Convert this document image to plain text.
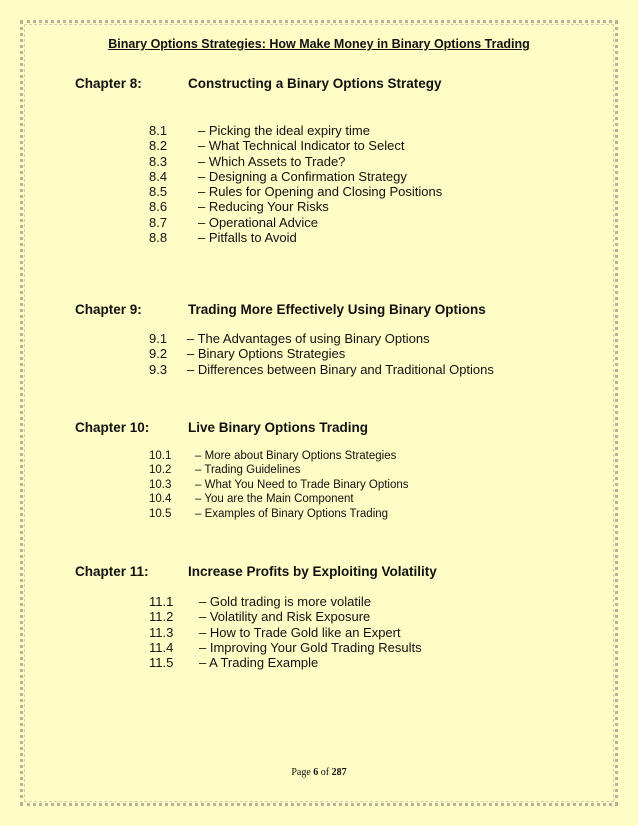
Binary Options Strategies: How Make Money in Binary Options Trading
Chapter 8:	Constructing a Binary Options Strategy
8.1 – Picking the ideal expiry time
8.2 – What Technical Indicator to Select
8.3 – Which Assets to Trade?
8.4 – Designing a Confirmation Strategy
8.5 – Rules for Opening and Closing Positions
8.6 – Reducing Your Risks
8.7 – Operational Advice
8.8 – Pitfalls to Avoid
Chapter 9:	Trading More Effectively Using Binary Options
9.1 – The Advantages of using Binary Options
9.2 – Binary Options Strategies
9.3 – Differences between Binary and Traditional Options
Chapter 10:	Live Binary Options Trading
10.1 – More about Binary Options Strategies
10.2 – Trading Guidelines
10.3 – What You Need to Trade Binary Options
10.4 – You are the Main Component
10.5 – Examples of Binary Options Trading
Chapter 11:	Increase Profits by Exploiting Volatility
11.1 – Gold trading is more volatile
11.2 – Volatility and Risk Exposure
11.3 – How to Trade Gold like an Expert
11.4 – Improving Your Gold Trading Results
11.5 – A Trading Example
Page 6 of 287
